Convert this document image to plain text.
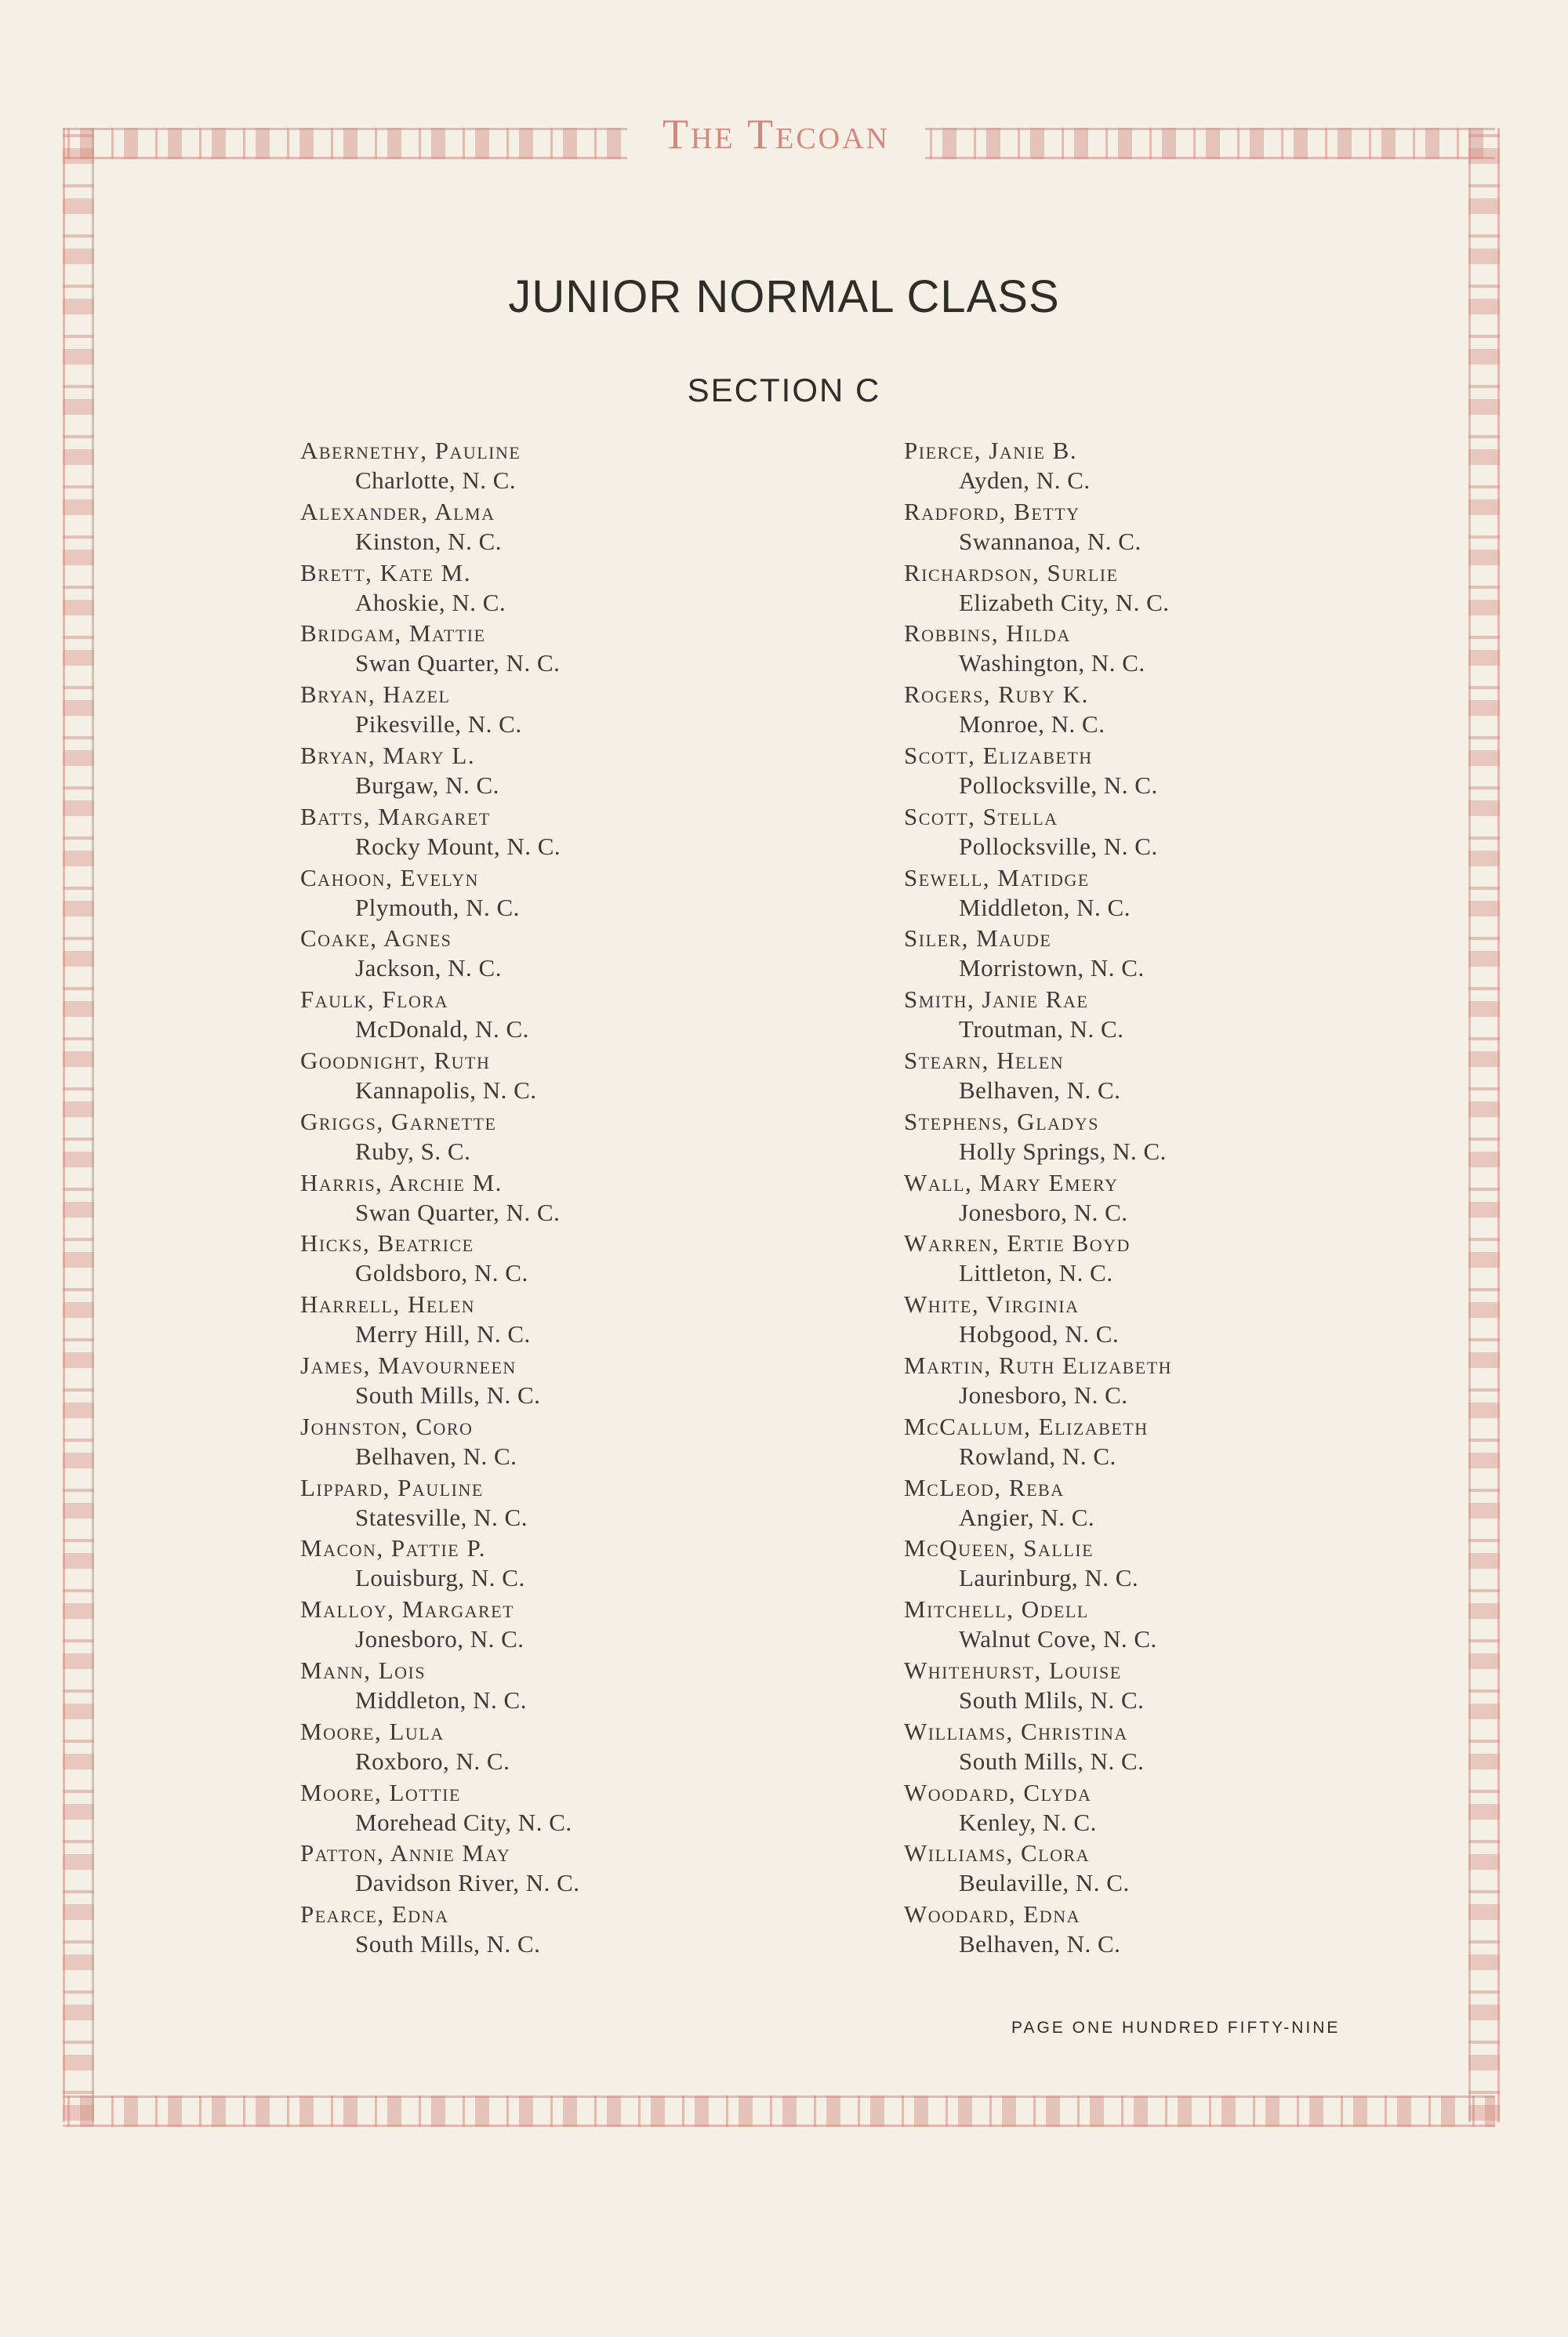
The Tecoan
JUNIOR NORMAL CLASS
SECTION C
Abernethy, Pauline
Charlotte, N. C.
Alexander, Alma
Kinston, N. C.
Brett, Kate M.
Ahoskie, N. C.
Bridgam, Mattie
Swan Quarter, N. C.
Bryan, Hazel
Pikesville, N. C.
Bryan, Mary L.
Burgaw, N. C.
Batts, Margaret
Rocky Mount, N. C.
Cahoon, Evelyn
Plymouth, N. C.
Coake, Agnes
Jackson, N. C.
Faulk, Flora
McDonald, N. C.
Goodnight, Ruth
Kannapolis, N. C.
Griggs, Garnette
Ruby, S. C.
Harris, Archie M.
Swan Quarter, N. C.
Hicks, Beatrice
Goldsboro, N. C.
Harrell, Helen
Merry Hill, N. C.
James, Mavourneen
South Mills, N. C.
Johnston, Coro
Belhaven, N. C.
Lippard, Pauline
Statesville, N. C.
Macon, Pattie P.
Louisburg, N. C.
Malloy, Margaret
Jonesboro, N. C.
Mann, Lois
Middleton, N. C.
Moore, Lula
Roxboro, N. C.
Moore, Lottie
Morehead City, N. C.
Patton, Annie May
Davidson River, N. C.
Pearce, Edna
South Mills, N. C.
Pierce, Janie B.
Ayden, N. C.
Radford, Betty
Swannanoa, N. C.
Richardson, Surlie
Elizabeth City, N. C.
Robbins, Hilda
Washington, N. C.
Rogers, Ruby K.
Monroe, N. C.
Scott, Elizabeth
Pollocksville, N. C.
Scott, Stella
Pollocksville, N. C.
Sewell, Matidge
Middleton, N. C.
Siler, Maude
Morristown, N. C.
Smith, Janie Rae
Troutman, N. C.
Stearn, Helen
Belhaven, N. C.
Stephens, Gladys
Holly Springs, N. C.
Wall, Mary Emery
Jonesboro, N. C.
Warren, Ertie Boyd
Littleton, N. C.
White, Virginia
Hobgood, N. C.
Martin, Ruth Elizabeth
Jonesboro, N. C.
McCallum, Elizabeth
Rowland, N. C.
McLeod, Reba
Angier, N. C.
McQueen, Sallie
Laurinburg, N. C.
Mitchell, Odell
Walnut Cove, N. C.
Whitehurst, Louise
South Mlils, N. C.
Williams, Christina
South Mills, N. C.
Woodard, Clyda
Kenley, N. C.
Williams, Clora
Beulaville, N. C.
Woodard, Edna
Belhaven, N. C.
PAGE ONE HUNDRED FIFTY-NINE
